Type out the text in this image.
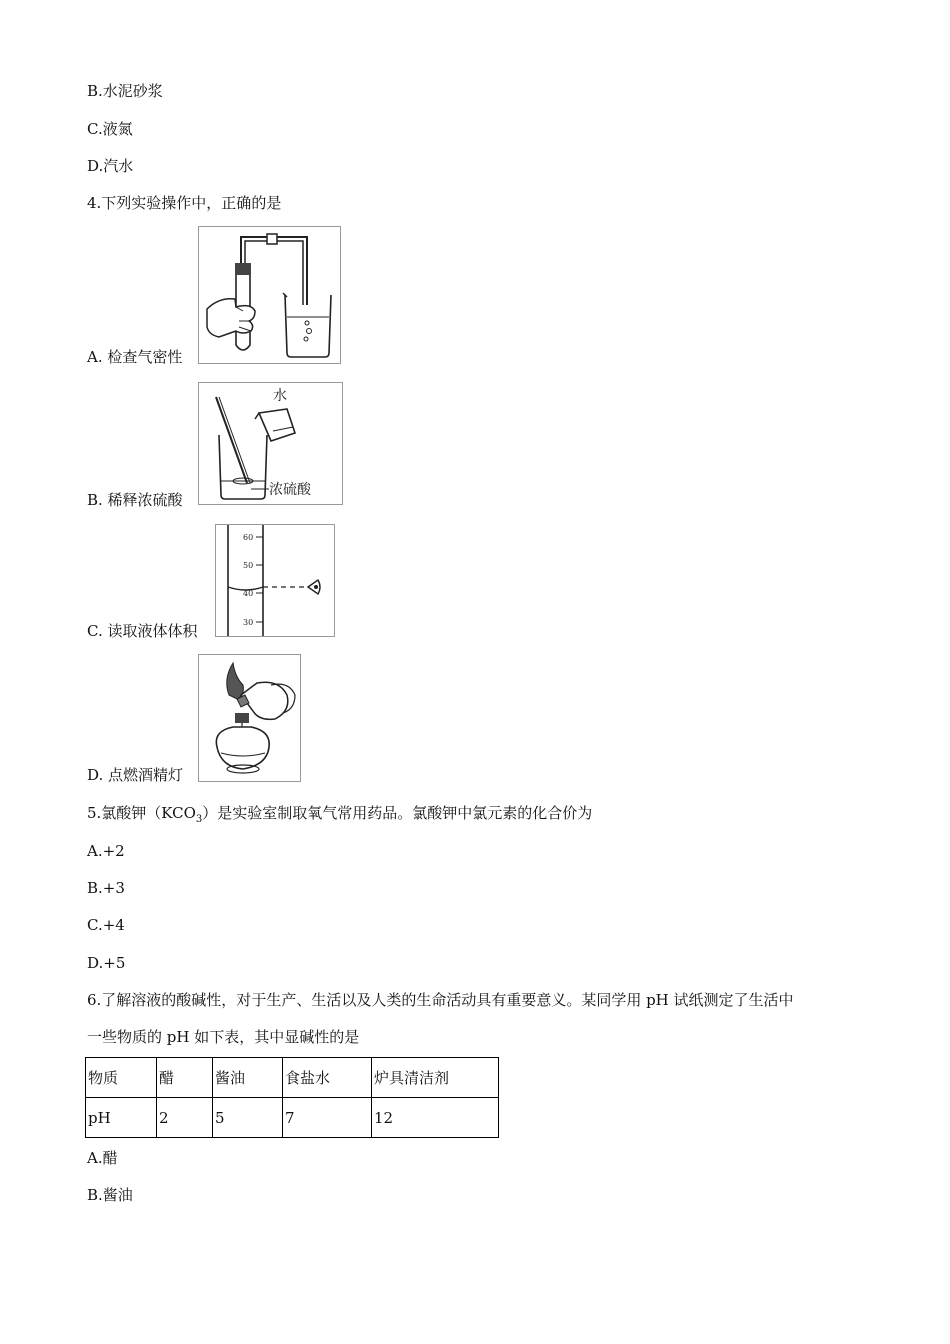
B.水泥砂浆
C.液氮
D.汽水
4.下列实验操作中，正确的是
A. 检查气密性
B. 稀释浓硫酸
水
浓硫酸
C. 读取液体体积
60
50
40
30
D. 点燃酒精灯
5.氯酸钾$(KCO_3)$是实验室制取氧气常用药品。氯酸钾中氯元素的化合价为
A.+2
B.+3
C.+4
D.+5
6.了解溶液的酸碱性，对于生产、生活以及人类的生命活动具有重要意义。某同学用 pH 试纸测定了生活中
一些物质的 pH 如下表，其中显碱性的是
物质	醋	酱油	食盐水	炉具清洁剂
pH	2	5	7	12
A.醋
B.酱油
